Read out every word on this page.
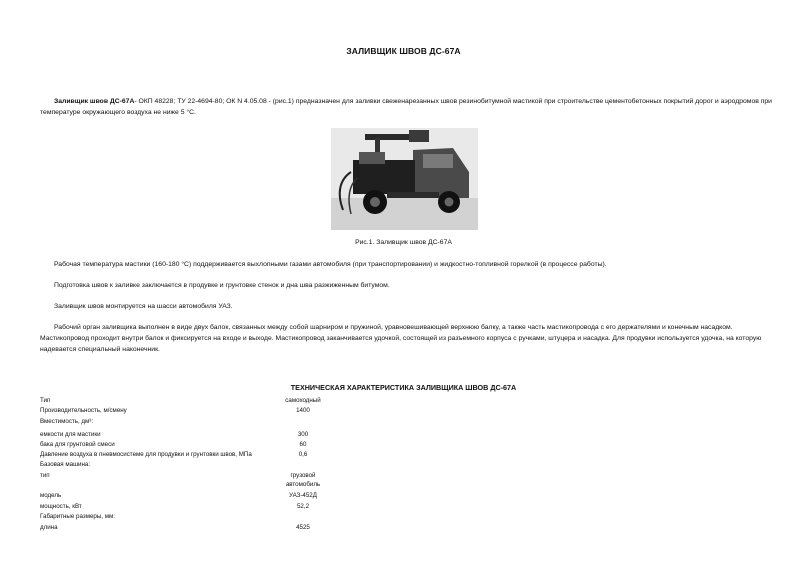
ЗАЛИВЩИК ШВОВ ДС-67А
Заливщик швов ДС-67А- ОКП 48228; ТУ 22-4694-80; ОК N 4.05.08 - (рис.1) предназначен для заливки свеженарезанных швов резинобитумной мастикой при строительстве цементобетонных покрытий дорог и аэродромов при температуре окружающего воздуха не ниже 5 °С.
Рис.1. Заливщик швов ДС-67А
Рабочая температура мастики (160-180 °С) поддерживается выхлопными газами автомобиля (при транспортировании) и жидкостно-топливной горелкой (в процессе работы).
Подготовка швов к заливке заключается в продувке и грунтовке стенок и дна шва разжиженным битумом.
Заливщик швов монтируется на шасси автомобиля УАЗ.
Рабочий орган заливщика выполнен в виде двух балок, связанных между собой шарниром и пружиной, уравновешивающей верхнюю балку, а также часть мастикопровода с его держателями и конечным насадком. Мастикопровод проходит внутри балок и фиксируется на входе и выходе. Мастикопровод заканчивается удочкой, состоящей из разъемного корпуса с ручками, штуцера и насадка. Для продувки используется удочка, на которую надевается специальный наконечник.
ТЕХНИЧЕСКАЯ ХАРАКТЕРИСТИКА ЗАЛИВЩИКА ШВОВ ДС-67А
Тип	самоходный
Производительность, м/смену	1400
Вместимость, дм³:
емкости для мастики	300
бака для грунтовой смеси	60
Давление воздуха в пневмосистеме для продувки и грунтовки швов, МПа	0,6
Базовая машина:
тип	грузовой
автомобиль
модель	УАЗ-452Д
мощность, кВт	52,2
Габаритные размеры, мм:
длина	4525
